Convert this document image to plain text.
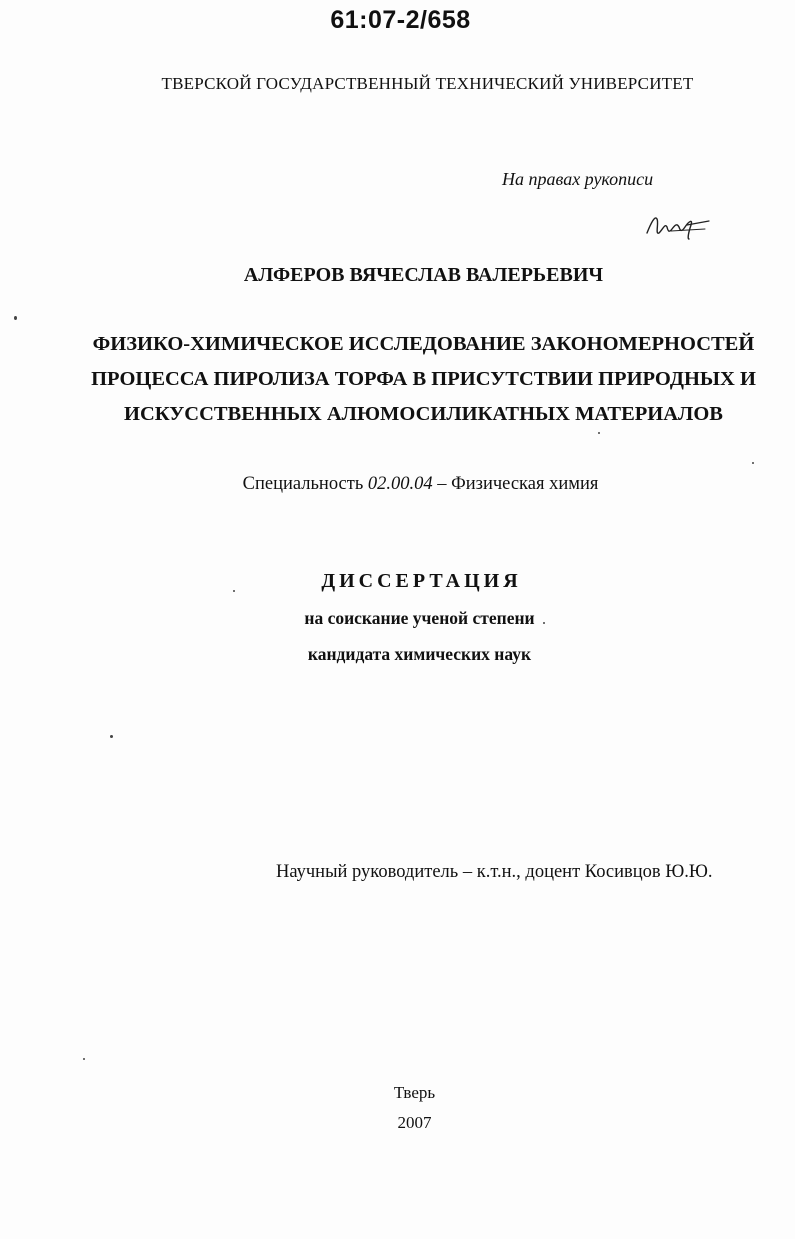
61:07-2/658
ТВЕРСКОЙ ГОСУДАРСТВЕННЫЙ ТЕХНИЧЕСКИЙ УНИВЕРСИТЕТ
На правах рукописи
АЛФЕРОВ ВЯЧЕСЛАВ ВАЛЕРЬЕВИЧ
ФИЗИКО-ХИМИЧЕСКОЕ ИССЛЕДОВАНИЕ ЗАКОНОМЕРНОСТЕЙ
ПРОЦЕССА ПИРОЛИЗА ТОРФА В ПРИСУТСТВИИ ПРИРОДНЫХ И
ИСКУССТВЕННЫХ АЛЮМОСИЛИКАТНЫХ МАТЕРИАЛОВ
Специальность 02.00.04 – Физическая химия
ДИССЕРТАЦИЯ
на соискание ученой степени
кандидата химических наук
Научный руководитель – к.т.н., доцент Косивцов Ю.Ю.
Тверь
2007
